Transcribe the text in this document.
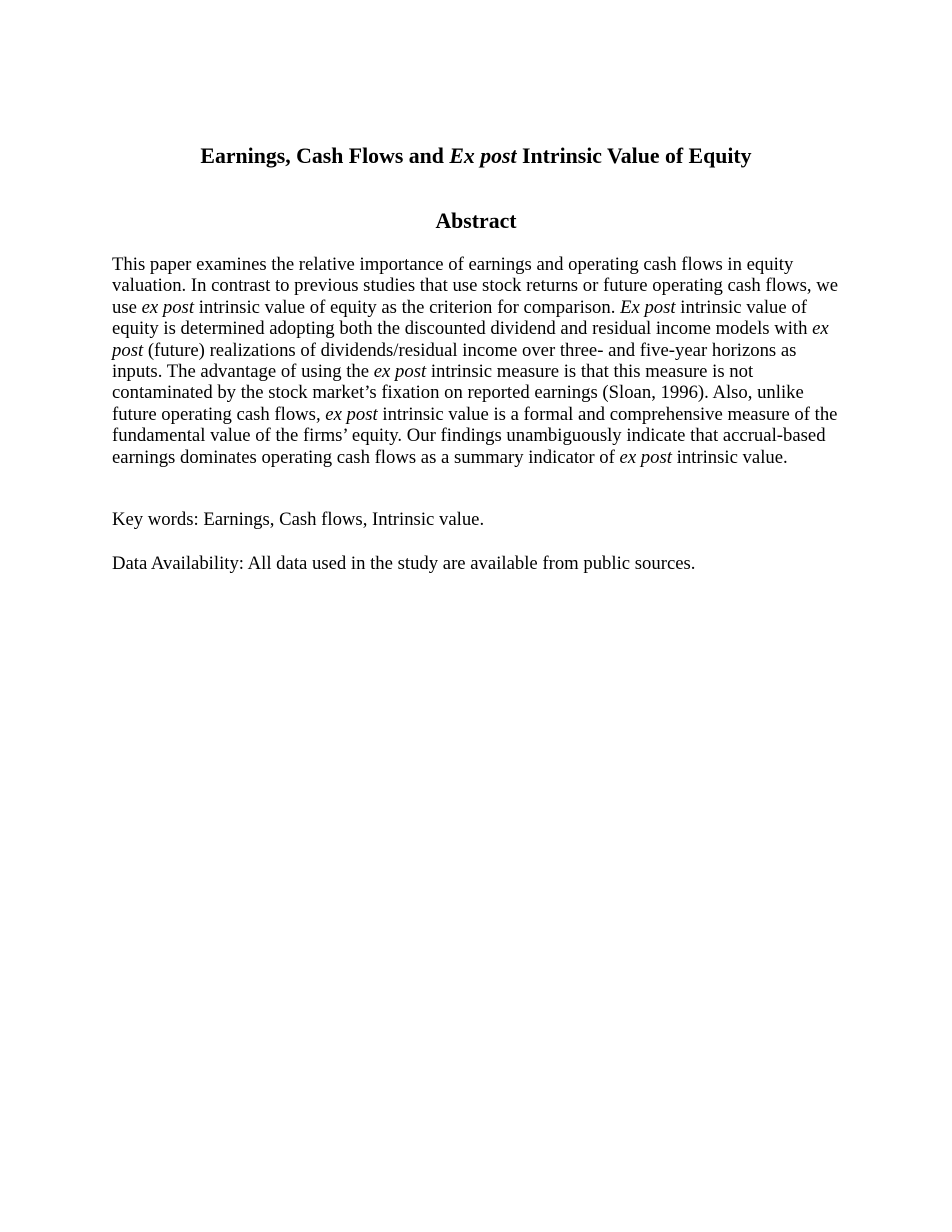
Earnings, Cash Flows and Ex post Intrinsic Value of Equity
Abstract
This paper examines the relative importance of earnings and operating cash flows in equity
valuation. In contrast to previous studies that use stock returns or future operating cash flows, we
use ex post intrinsic value of equity as the criterion for comparison. Ex post intrinsic value of
equity is determined adopting both the discounted dividend and residual income models with ex
post (future) realizations of dividends/residual income over three- and five-year horizons as
inputs. The advantage of using the ex post intrinsic measure is that this measure is not
contaminated by the stock market’s fixation on reported earnings (Sloan, 1996). Also, unlike
future operating cash flows, ex post intrinsic value is a formal and comprehensive measure of the
fundamental value of the firms’ equity. Our findings unambiguously indicate that accrual-based
earnings dominates operating cash flows as a summary indicator of ex post intrinsic value.

Key words: Earnings, Cash flows, Intrinsic value.

Data Availability: All data used in the study are available from public sources.
